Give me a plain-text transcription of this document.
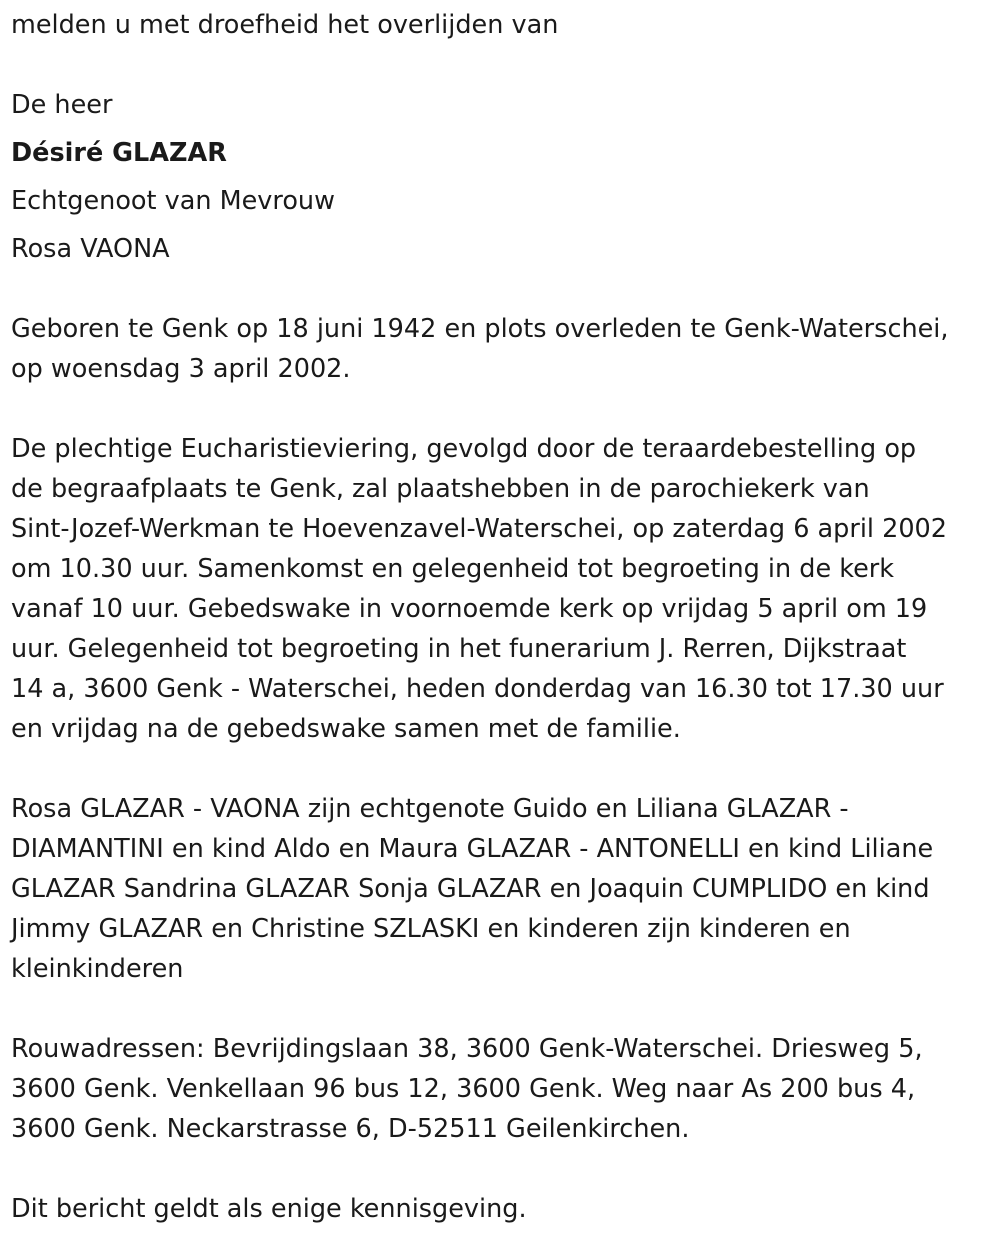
melden u met droefheid het overlijden van

De heer

Désiré GLAZAR

Echtgenoot van Mevrouw

Rosa VAONA

Geboren te Genk op 18 juni 1942 en plots overleden te Genk-Waterschei,

op woensdag 3 april 2002.

De plechtige Eucharistieviering, gevolgd door de teraardebestelling op

de begraafplaats te Genk, zal plaatshebben in de parochiekerk van

Sint-Jozef-Werkman te Hoevenzavel-Waterschei, op zaterdag 6 april 2002

om 10.30 uur. Samenkomst en gelegenheid tot begroeting in de kerk

vanaf 10 uur. Gebedswake in voornoemde kerk op vrijdag 5 april om 19

uur. Gelegenheid tot begroeting in het funerarium J. Rerren, Dijkstraat

14 a, 3600 Genk - Waterschei, heden donderdag van 16.30 tot 17.30 uur

en vrijdag na de gebedswake samen met de familie.

Rosa GLAZAR - VAONA zijn echtgenote Guido en Liliana GLAZAR -

DIAMANTINI en kind Aldo en Maura GLAZAR - ANTONELLI en kind Liliane

GLAZAR Sandrina GLAZAR Sonja GLAZAR en Joaquin CUMPLIDO en kind

Jimmy GLAZAR en Christine SZLASKI en kinderen zijn kinderen en

kleinkinderen

Rouwadressen: Bevrijdingslaan 38, 3600 Genk-Waterschei. Driesweg 5,

3600 Genk. Venkellaan 96 bus 12, 3600 Genk. Weg naar As 200 bus 4,

3600 Genk. Neckarstrasse 6, D-52511 Geilenkirchen.

Dit bericht geldt als enige kennisgeving.
